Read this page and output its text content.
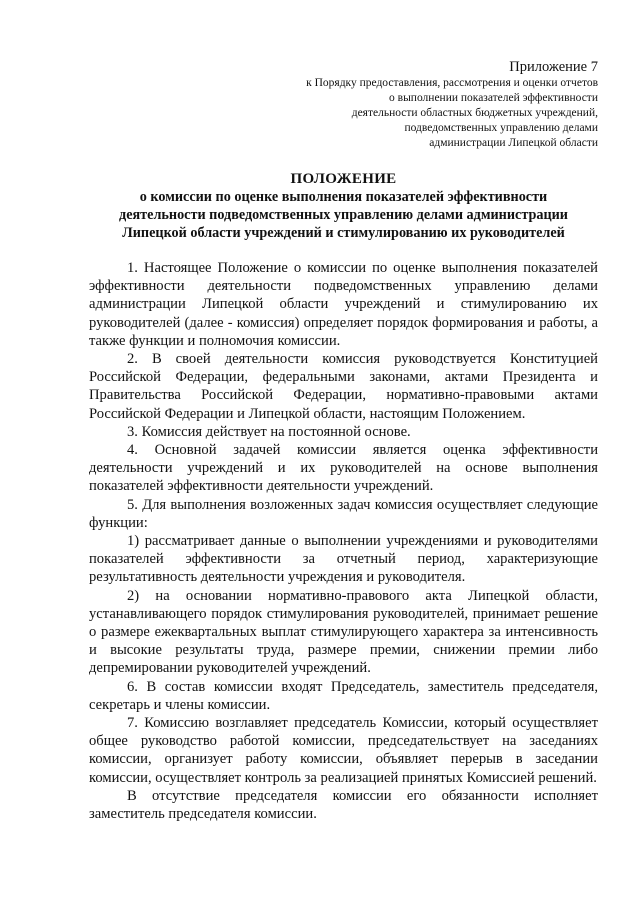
Приложение 7
к Порядку предоставления, рассмотрения и оценки отчетов
о выполнении показателей эффективности
деятельности областных бюджетных учреждений,
подведомственных управлению делами
администрации Липецкой области
ПОЛОЖЕНИЕ
о комиссии по оценке выполнения показателей эффективности
деятельности подведомственных управлению делами администрации
Липецкой области учреждений и стимулированию их руководителей

1. Настоящее Положение о комиссии по оценке выполнения показателей эффективности деятельности подведомственных управлению делами администрации Липецкой области учреждений и стимулированию их руководителей (далее - комиссия) определяет порядок формирования и работы, а также функции и полномочия комиссии.

2. В своей деятельности комиссия руководствуется Конституцией Российской Федерации, федеральными законами, актами Президента и Правительства Российской Федерации, нормативно-правовыми актами Российской Федерации и Липецкой области, настоящим Положением.

3. Комиссия действует на постоянной основе.

4. Основной задачей комиссии является оценка эффективности деятельности учреждений и их руководителей на основе выполнения показателей эффективности деятельности учреждений.

5. Для выполнения возложенных задач комиссия осуществляет следующие функции:

1) рассматривает данные о выполнении учреждениями и руководителями показателей эффективности за отчетный период, характеризующие результативность деятельности учреждения и руководителя.

2) на основании нормативно-правового акта Липецкой области, устанавливающего порядок стимулирования руководителей, принимает решение о размере ежеквартальных выплат стимулирующего характера за интенсивность и высокие результаты труда, размере премии, снижении премии либо депремировании руководителей учреждений.

6. В состав комиссии входят Председатель, заместитель председателя, секретарь и члены комиссии.

7. Комиссию возглавляет председатель Комиссии, который осуществляет общее руководство работой комиссии, председательствует на заседаниях комиссии, организует работу комиссии, объявляет перерыв в заседании комиссии, осуществляет контроль за реализацией принятых Комиссией решений.

В отсутствие председателя комиссии его обязанности исполняет заместитель председателя комиссии.
